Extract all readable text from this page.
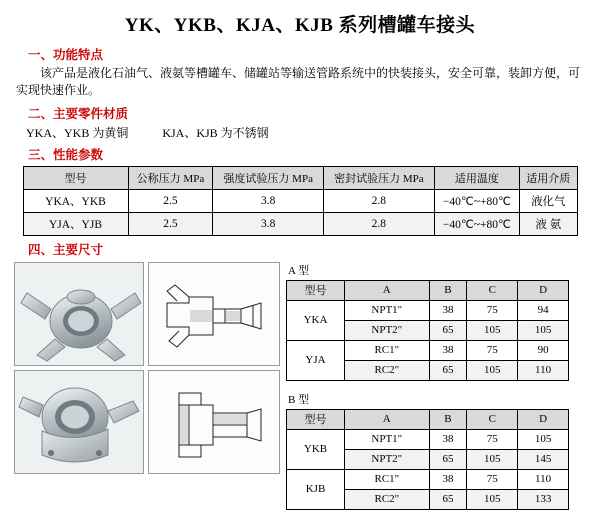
YK、YKB、KJA、KJB 系列槽罐车接头
一、功能特点

该产品是液化石油气、液氨等槽罐车、储罐站等输送管路系统中的快装接头，安全可靠，装卸方便，可实现快速作业。

二、主要零件材质
YKA、YKB 为黄铜	KJA、KJB 为不锈钢
三、性能参数
型号	公称压力 MPa	强度试验压力 MPa	密封试验压力 MPa	适用温度	适用介质
YKA、YKB	2.5	3.8	2.8	−40℃~+80℃	液化气
YJA、YJB	2.5	3.8	2.8	−40℃~+80℃	液 氨
四、主要尺寸
A 型
型号	A	B	C	D
YKA	NPT1"	38	75	94
	NPT2"	65	105	105
YJA	RC1"	38	75	90
	RC2"	65	105	110
B 型
型号	A	B	C	D
YKB	NPT1"	38	75	105
	NPT2"	65	105	145
KJB	RC1"	38	75	110
	RC2"	65	105	133
